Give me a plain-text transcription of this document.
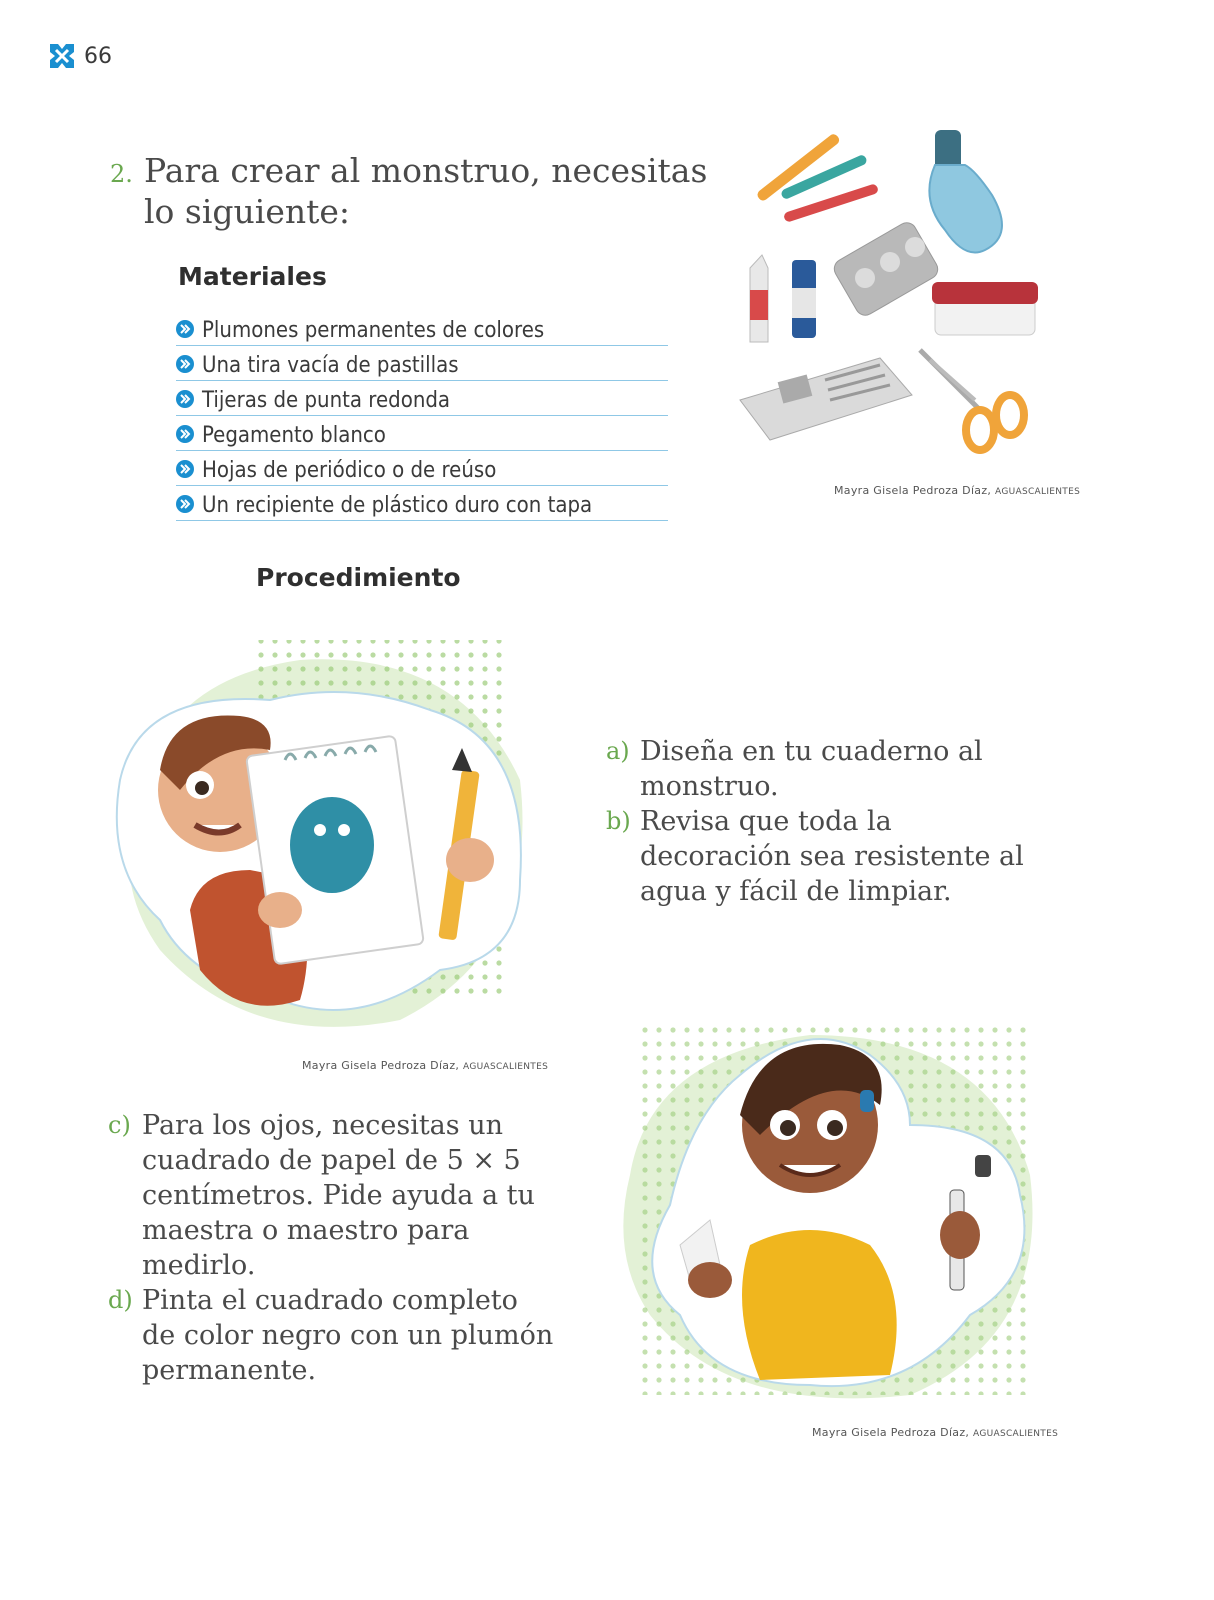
66
2. Para crear al monstruo, necesitas lo siguiente:
Materiales
Plumones permanentes de colores
Una tira vacía de pastillas
Tijeras de punta redonda
Pegamento blanco
Hojas de periódico o de reúso
Un recipiente de plástico duro con tapa
Mayra Gisela Pedroza Díaz, AGUASCALIENTES
Procedimiento
Mayra Gisela Pedroza Díaz, AGUASCALIENTES
a) Diseña en tu cuaderno al monstruo.
b) Revisa que toda la decoración sea resistente al agua y fácil de limpiar.
c) Para los ojos, necesitas un cuadrado de papel de 5 × 5 centímetros. Pide ayuda a tu maestra o maestro para medirlo.
d) Pinta el cuadrado completo de color negro con un plumón permanente.
Mayra Gisela Pedroza Díaz, AGUASCALIENTES
